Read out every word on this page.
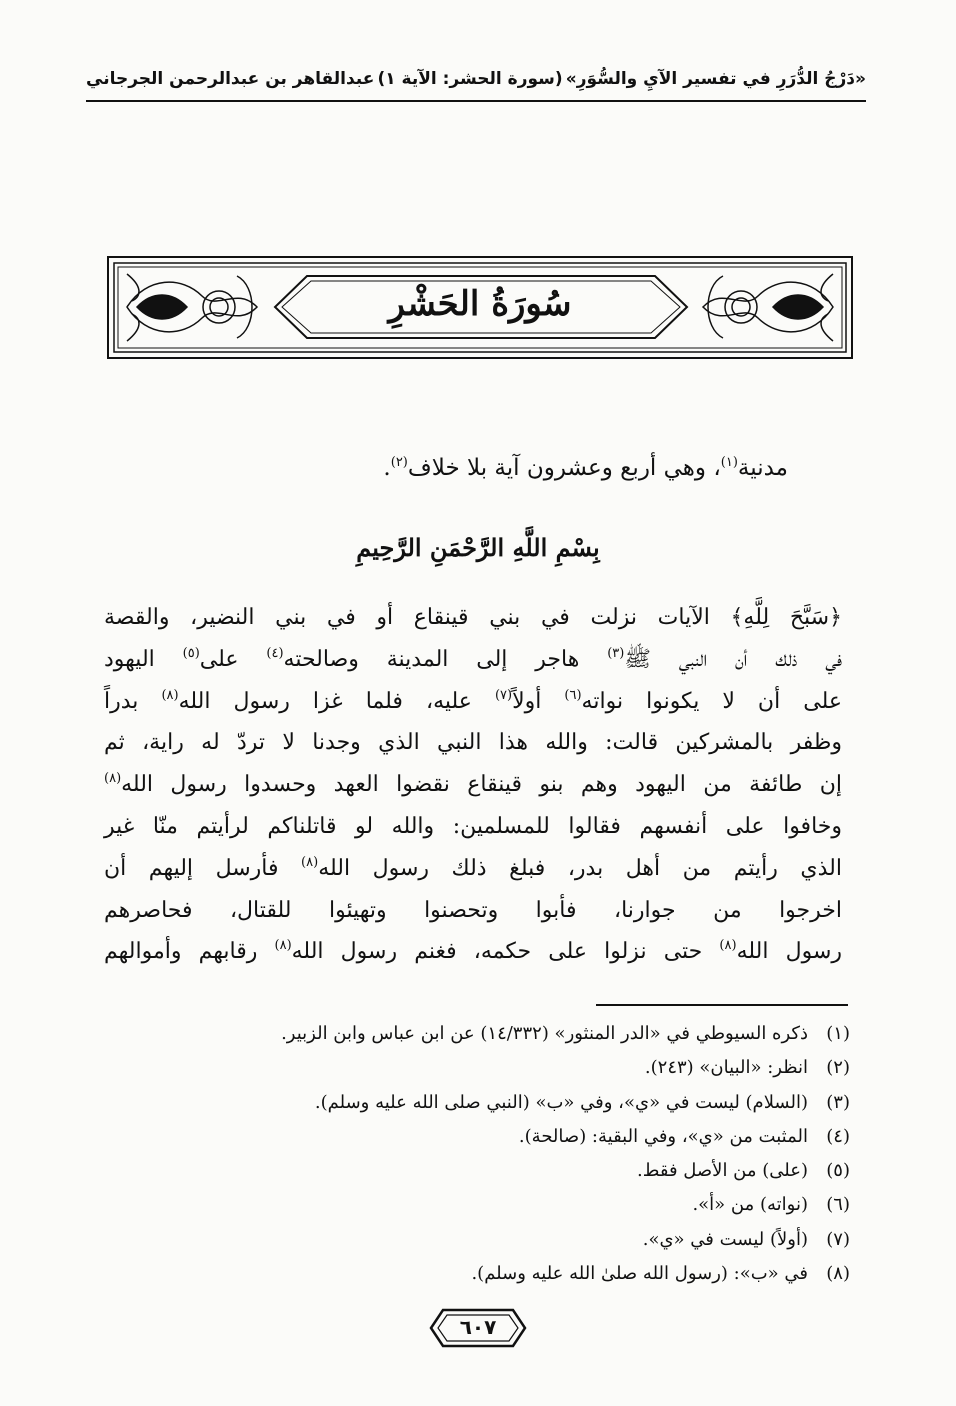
«دَرْجُ الدُّرَرِ في تفسير الآيِ والسُّوَرِ»
(سورة الحشر: الآية ١)
عبدالقاهر بن عبدالرحمن الجرجاني
سُورَةُ الحَشْرِ
مدنية$^{(١)}$، وهي أربع وعشرون آية بلا خلاف$^{(٢)}$.
بِسْمِ اللَّهِ الرَّحْمَنِ الرَّحِيمِ
﴿سَبَّحَ لِلَّهِ﴾ الآيات نزلت في بني قينقاع أو في بني النضير، والقصة
في ذلك أن النبي ﷺ$^{(٣)}$ هاجر إلى المدينة وصالحته$^{(٤)}$ على$^{(٥)}$ اليهود
على أن لا يكونوا نواته$^{(٦)}$ أولاً$^{(٧)}$ عليه، فلما غزا رسول الله$^{(٨)}$ بدراً
وظفر بالمشركين قالت: والله هذا النبي الذي وجدنا لا تردّ له راية، ثم
إن طائفة من اليهود وهم بنو قينقاع نقضوا العهد وحسدوا رسول الله$^{(٨)}$
وخافوا على أنفسهم فقالوا للمسلمين: والله لو قاتلناكم لرأيتم منّا غير
الذي رأيتم من أهل بدر، فبلغ ذلك رسول الله$^{(٨)}$ فأرسل إليهم أن
اخرجوا من جوارنا، فأبوا وتحصنوا وتهيئوا للقتال، فحاصرهم
رسول الله$^{(٨)}$ حتى نزلوا على حكمه، فغنم رسول الله$^{(٨)}$ رقابهم وأموالهم
(١)
ذكره السيوطي في «الدر المنثور» (١٤/٣٣٢) عن ابن عباس وابن الزبير.
(٢)
انظر: «البيان» (٢٤٣).
(٣)
(السلام) ليست في «ي»، وفي «ب» (النبي صلى الله عليه وسلم).
(٤)
المثبت من «ي»، وفي البقية: (صالحة).
(٥)
(على) من الأصل فقط.
(٦)
(نواته) من «أ».
(٧)
(أولاً) ليست في «ي».
(٨)
في «ب»: (رسول الله صلىٰ الله عليه وسلم).
٦٠٧
